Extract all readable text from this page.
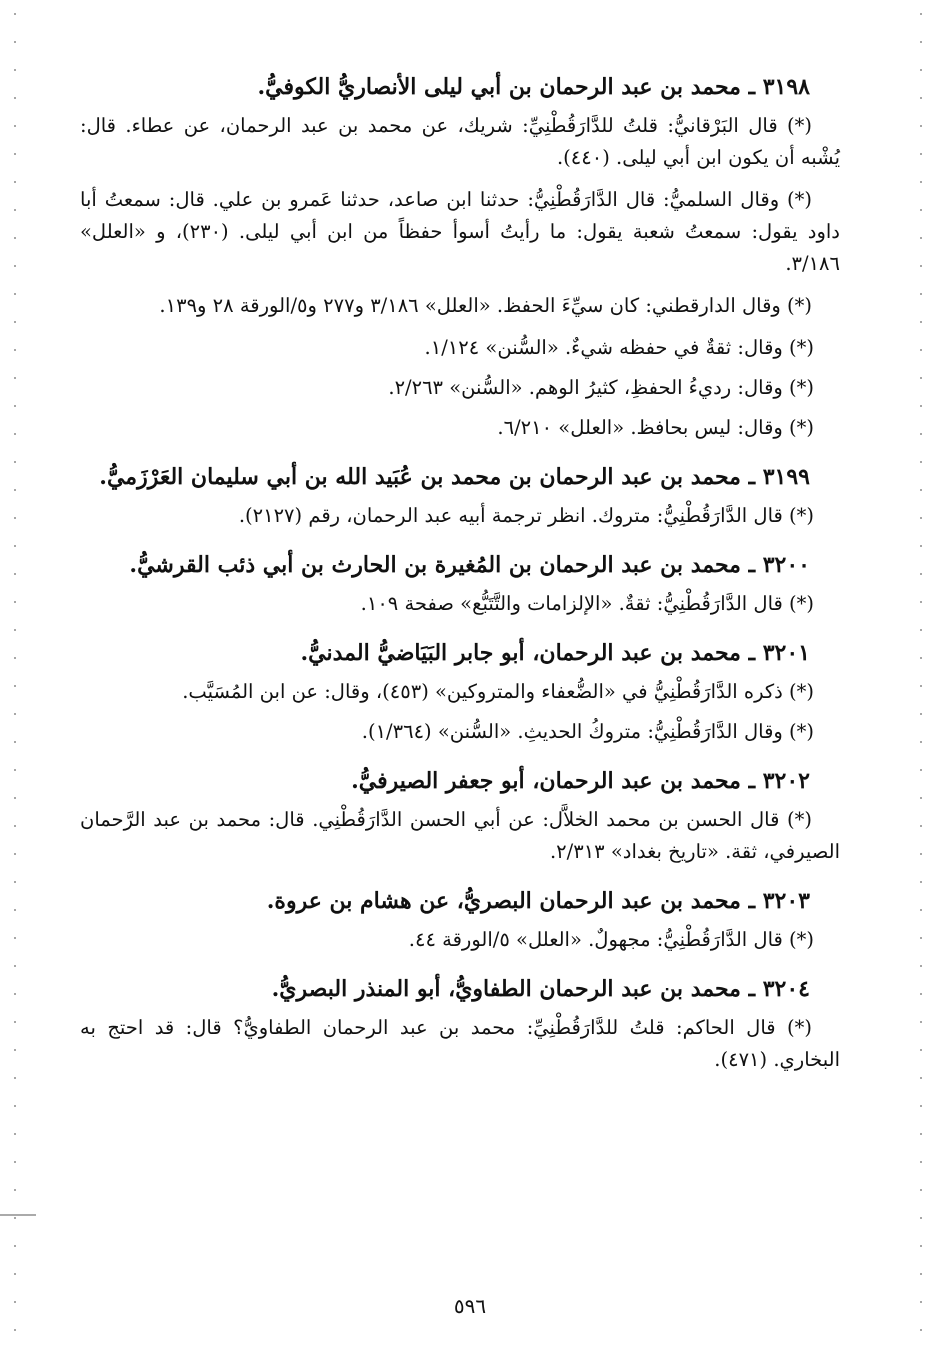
٣١٩٨ ـ محمد بن عبد الرحمان بن أبي ليلى الأنصاريُّ الكوفيُّ.
(*) قال البَرْقانيُّ: قلتُ للدَّارَقُطْنِيِّ: شريك، عن محمد بن عبد الرحمان، عن عطاء. قال: يُشْبه أن يكون ابن أبي ليلى. (٤٤٠).
(*) وقال السلميُّ: قال الدَّارَقُطْنِيُّ: حدثنا ابن صاعد، حدثنا عَمرو بن علي. قال: سمعتُ أبا داود يقول: سمعتُ شعبة يقول: ما رأيتُ أسوأ حفظاً من ابن أبي ليلى. (٢٣٠)، و «العلل» ٣/١٨٦.
(*) وقال الدارقطني: كان سيِّءَ الحفظ. «العلل» ٣/١٨٦ و٢٧٧ و٥/الورقة ٢٨ و١٣٩.
(*) وقال: ثقةٌ في حفظه شيءٌ. «السُّنن» ١/١٢٤.
(*) وقال: رديءُ الحفظِ، كثيرُ الوهم. «السُّنن» ٢/٢٦٣.
(*) وقال: ليس بحافظ. «العلل» ٦/٢١٠.
٣١٩٩ ـ محمد بن عبد الرحمان بن محمد بن عُبَيد الله بن أبي سليمان العَرْزَميُّ.
(*) قال الدَّارَقُطْنِيُّ: متروك. انظر ترجمة أبيه عبد الرحمان، رقم (٢١٢٧).
٣٢٠٠ ـ محمد بن عبد الرحمان بن المُغيرة بن الحارث بن أبي ذئب القرشيُّ.
(*) قال الدَّارَقُطْنِيُّ: ثقةٌ. «الإلزامات والتَّتَبُّع» صفحة ١٠٩.
٣٢٠١ ـ محمد بن عبد الرحمان، أبو جابر البَيَاضيُّ المدنيُّ.
(*) ذكره الدَّارَقُطْنِيُّ في «الضُّعفاء والمتروكين» (٤٥٣)، وقال: عن ابن المُسَيَّب.
(*) وقال الدَّارَقُطْنِيُّ: متروكُ الحديثِ. «السُّنن» (١/٣٦٤).
٣٢٠٢ ـ محمد بن عبد الرحمان، أبو جعفر الصيرفيُّ.
(*) قال الحسن بن محمد الخلاَّل: عن أبي الحسن الدَّارَقُطْنِي. قال: محمد بن عبد الرَّحمان الصيرفي، ثقة. «تاريخ بغداد» ٢/٣١٣.
٣٢٠٣ ـ محمد بن عبد الرحمان البصريُّ، عن هشام بن عروة.
(*) قال الدَّارَقُطْنِيُّ: مجهولٌ. «العلل» ٥/الورقة ٤٤.
٣٢٠٤ ـ محمد بن عبد الرحمان الطفاويُّ، أبو المنذر البصريُّ.
(*) قال الحاكم: قلتُ للدَّارَقُطْنِيِّ: محمد بن عبد الرحمان الطفاويُّ؟ قال: قد احتج به البخاري. (٤٧١).
٥٩٦
